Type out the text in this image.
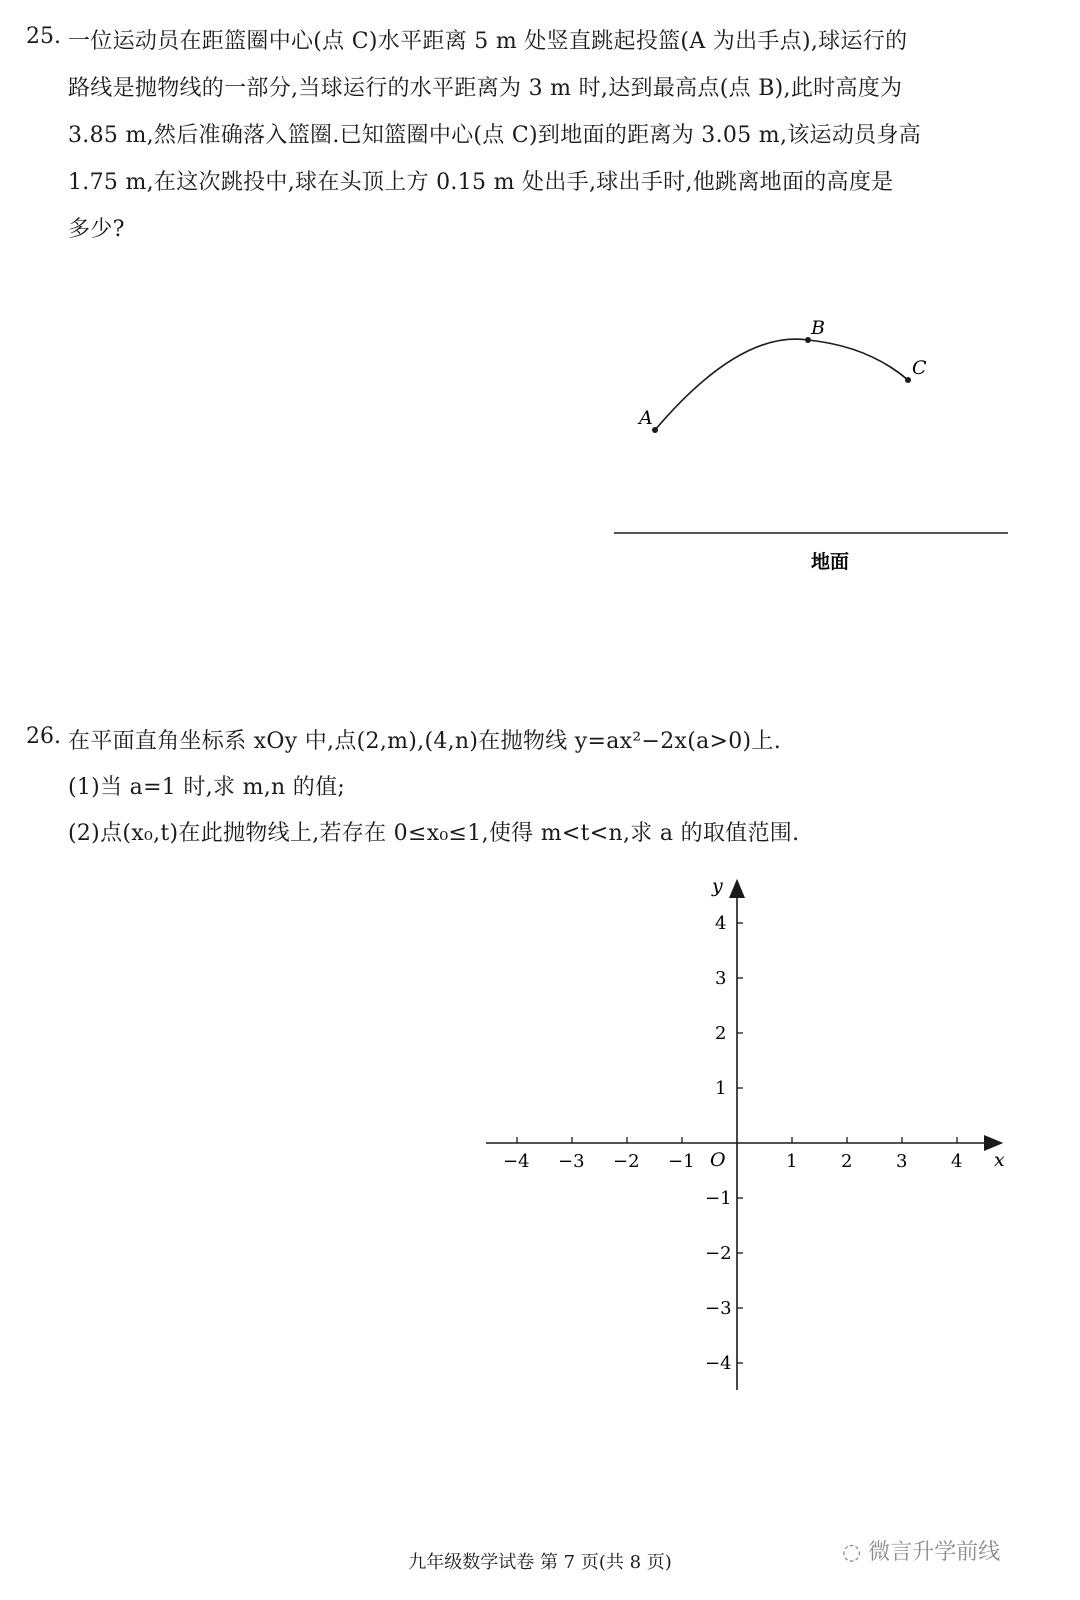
25. 一位运动员在距篮圈中心(点 C)水平距离 5 m 处竖直跳起投篮(A 为出手点),球运行的
路线是抛物线的一部分,当球运行的水平距离为 3 m 时,达到最高点(点 B),此时高度为
3.85 m,然后准确落入篮圈.已知篮圈中心(点 C)到地面的距离为 3.05 m,该运动员身高
1.75 m,在这次跳投中,球在头顶上方 0.15 m 处出手,球出手时,他跳离地面的高度是
多少?
A
B
C
地面
26. 在平面直角坐标系 xOy 中,点(2,m),(4,n)在抛物线 y=ax²−2x(a>0)上.
(1)当 a=1 时,求 m,n 的值;
(2)点(x₀,t)在此抛物线上,若存在 0≤x₀≤1,使得 m<t<n,求 a 的取值范围.
x
y
O
−4 −3 −2 −1	1 2 3 4
4
3
2
1
−1
−2
−3
−4
九年级数学试卷 第 7 页(共 8 页)	◌ 微言升学前线
